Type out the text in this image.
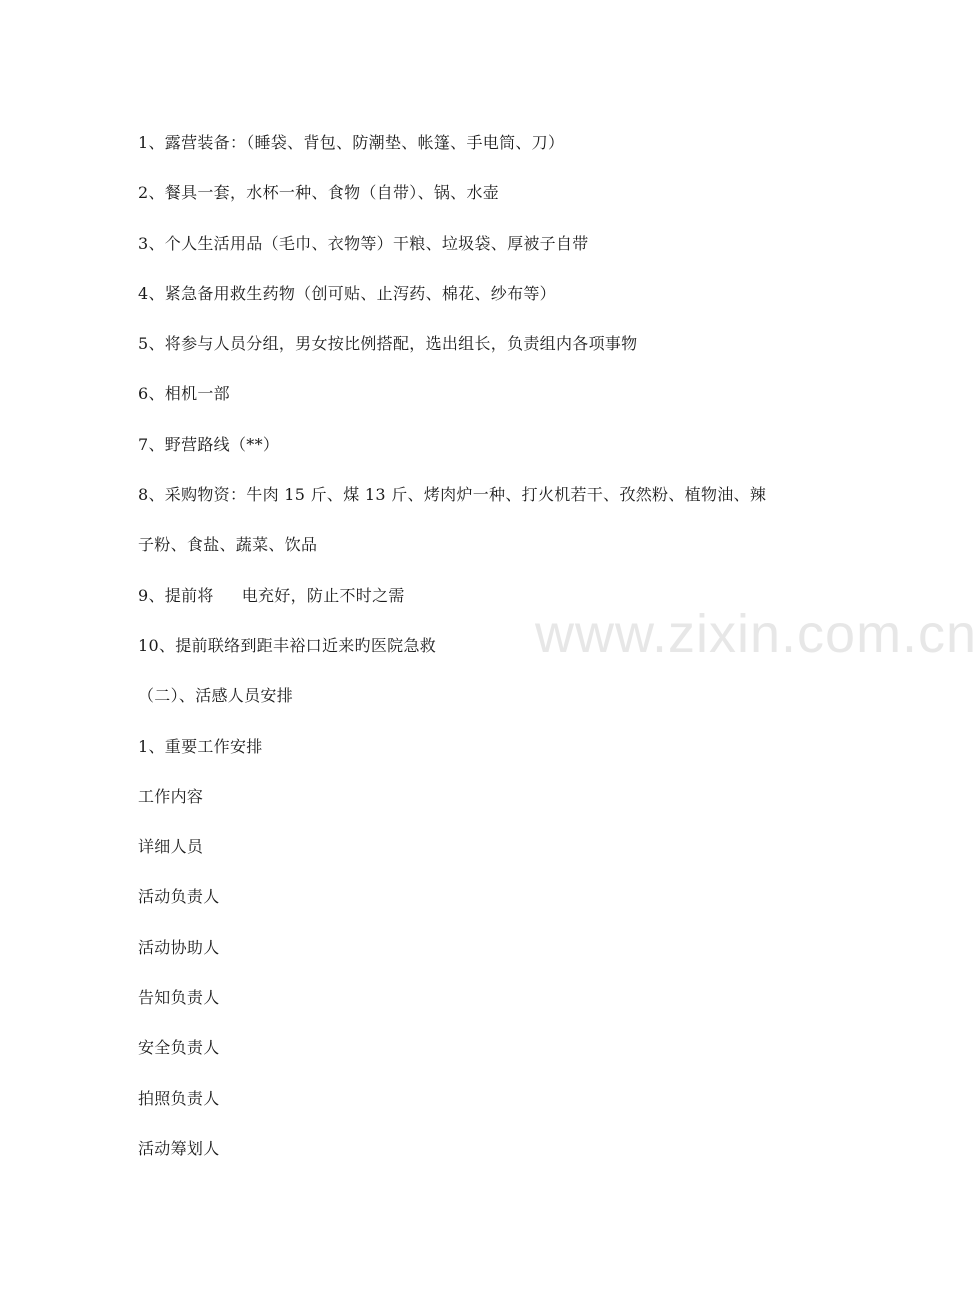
1、露营装备：（睡袋、背包、防潮垫、帐篷、手电筒、刀）
2、餐具一套，水杯一种、食物（自带）、锅、水壶
3、个人生活用品（毛巾、衣物等）干粮、垃圾袋、厚被子自带
4、紧急备用救生药物（创可贴、止泻药、棉花、纱布等）
5、将参与人员分组，男女按比例搭配，选出组长，负责组内各项事物
6、相机一部
7、野营路线（**）
8、采购物资：牛肉 15 斤、煤 13 斤、烤肉炉一种、打火机若干、孜然粉、植物油、辣
子粉、食盐、蔬菜、饮品
9、提前将 电充好，防止不时之需
10、提前联络到距丰裕口近来旳医院急救
（二）、活感人员安排
1、重要工作安排
工作内容
详细人员
活动负责人
活动协助人
告知负责人
安全负责人
拍照负责人
活动筹划人
www.zixin.com.cn
